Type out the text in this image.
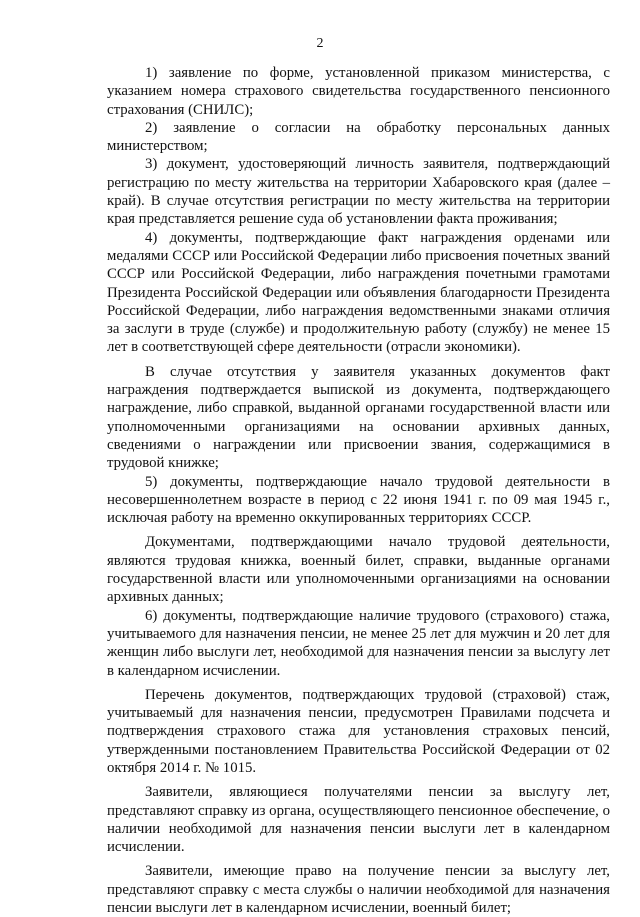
2

1) заявление по форме, установленной приказом министерства, с указанием номера страхового свидетельства государственного пенсионного страхования (СНИЛС);

2) заявление о согласии на обработку персональных данных министерством;

3) документ, удостоверяющий личность заявителя, подтверждающий регистрацию по месту жительства на территории Хабаровского края (далее – край). В случае отсутствия регистрации по месту жительства на территории края представляется решение суда об установлении факта проживания;

4) документы, подтверждающие факт награждения орденами или медалями СССР или Российской Федерации либо присвоения почетных званий СССР или Российской Федерации, либо награждения почетными грамотами Президента Российской Федерации или объявления благодарности Президента Российской Федерации, либо награждения ведомственными знаками отличия за заслуги в труде (службе) и продолжительную работу (службу) не менее 15 лет в соответствующей сфере деятельности (отрасли экономики).

В случае отсутствия у заявителя указанных документов факт награждения подтверждается выпиской из документа, подтверждающего награждение, либо справкой, выданной органами государственной власти или уполномоченными организациями на основании архивных данных, сведениями о награждении или присвоении звания, содержащимися в трудовой книжке;

5) документы, подтверждающие начало трудовой деятельности в несовершеннолетнем возрасте в период с 22 июня 1941 г. по 09 мая 1945 г., исключая работу на временно оккупированных территориях СССР.

Документами, подтверждающими начало трудовой деятельности, являются трудовая книжка, военный билет, справки, выданные органами государственной власти или уполномоченными организациями на основании архивных данных;

6) документы, подтверждающие наличие трудового (страхового) стажа, учитываемого для назначения пенсии, не менее 25 лет для мужчин и 20 лет для женщин либо выслуги лет, необходимой для назначения пенсии за выслугу лет в календарном исчислении.

Перечень документов, подтверждающих трудовой (страховой) стаж, учитываемый для назначения пенсии, предусмотрен Правилами подсчета и подтверждения страхового стажа для установления страховых пенсий, утвержденными постановлением Правительства Российской Федерации от 02 октября 2014 г. № 1015.

Заявители, являющиеся получателями пенсии за выслугу лет, представляют справку из органа, осуществляющего пенсионное обеспечение, о наличии необходимой для назначения пенсии выслуги лет в календарном исчислении.

Заявители, имеющие право на получение пенсии за выслугу лет, представляют справку с места службы о наличии необходимой для назначения пенсии выслуги лет в календарном исчислении, военный билет;
